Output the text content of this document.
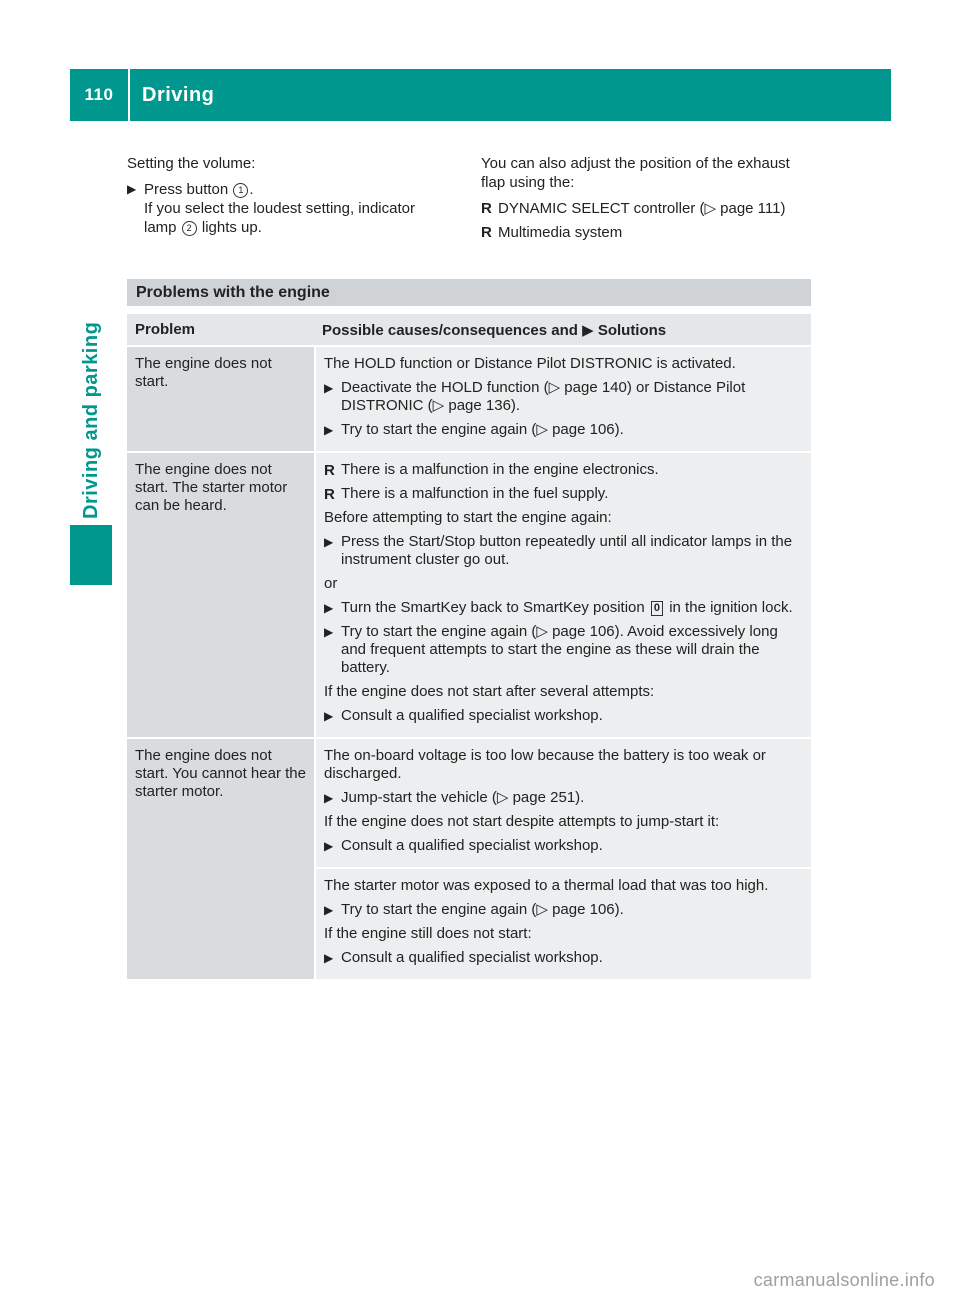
110	Driving
Driving and parking

Setting the volume:

▶ Press button 1 .
If you select the loudest setting, indicator lamp 2 lights up.

You can also adjust the position of the exhaust flap using the:

R DYNAMIC SELECT controller (▷ page 111)
R Multimedia system
Problems with the engine
Problem	Possible causes/consequences and ▶ Solutions
The engine does not start.

The HOLD function or Distance Pilot DISTRONIC is activated.

▶ Deactivate the HOLD function (▷ page 140) or Distance Pilot DISTRONIC (▷ page 136).
▶ Try to start the engine again (▷ page 106).
The engine does not start. The starter motor can be heard.
R There is a malfunction in the engine electronics.
R There is a malfunction in the fuel supply.

Before attempting to start the engine again:

▶ Press the Start/Stop button repeatedly until all indicator lamps in the instrument cluster go out.

or

▶ Turn the SmartKey back to SmartKey position 0 in the ignition lock.
▶ Try to start the engine again (▷ page 106). Avoid excessively long and frequent attempts to start the engine as these will drain the battery.

If the engine does not start after several attempts:

▶ Consult a qualified specialist workshop.
The engine does not start. You cannot hear the starter motor.

The on-board voltage is too low because the battery is too weak or discharged.

▶ Jump-start the vehicle (▷ page 251).

If the engine does not start despite attempts to jump-start it:

▶ Consult a qualified specialist workshop.

The starter motor was exposed to a thermal load that was too high.

▶ Try to start the engine again (▷ page 106).

If the engine still does not start:

▶ Consult a qualified specialist workshop.
carmanualsonline.info
